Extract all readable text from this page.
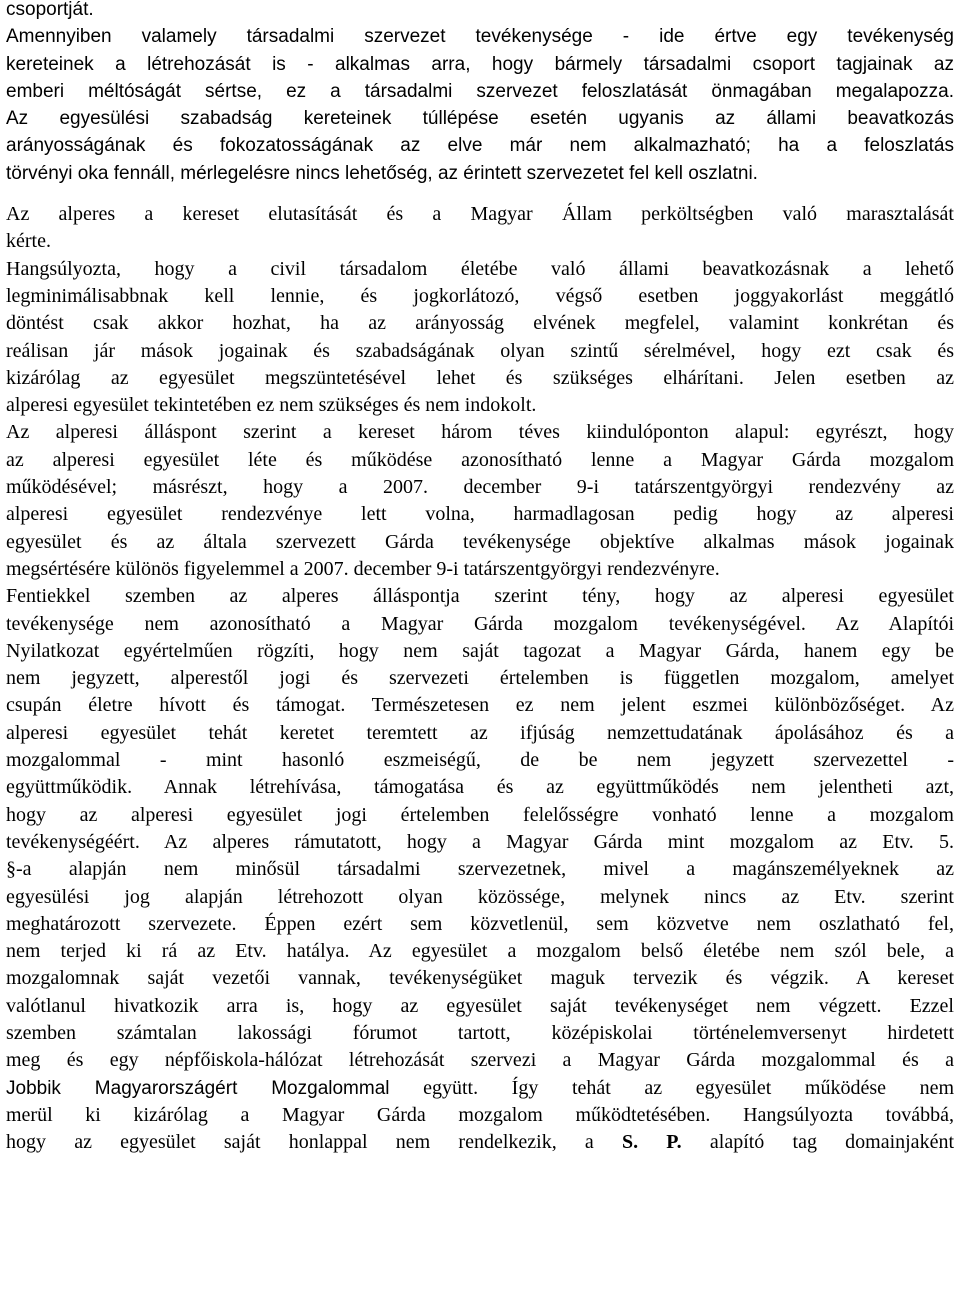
csoportját.
Amennyiben valamely társadalmi szervezet tevékenysége - ide értve egy tevékenység
kereteinek a létrehozását is - alkalmas arra, hogy bármely társadalmi csoport tagjainak az
emberi méltóságát sértse, ez a társadalmi szervezet feloszlatását önmagában megalapozza.
Az egyesülési szabadság kereteinek túllépése esetén ugyanis az állami beavatkozás
arányosságának és fokozatosságának az elve már nem alkalmazható; ha a feloszlatás
törvényi oka fennáll, mérlegelésre nincs lehetőség, az érintett szervezetet fel kell oszlatni.
Az alperes a kereset elutasítását és a Magyar Állam perköltségben való marasztalását
kérte.
Hangsúlyozta, hogy a civil társadalom életébe való állami beavatkozásnak a lehető
legminimálisabbnak kell lennie, és jogkorlátozó, végső esetben joggyakorlást meggátló
döntést csak akkor hozhat, ha az arányosság elvének megfelel, valamint konkrétan és
reálisan jár mások jogainak és szabadságának olyan szintű sérelmével, hogy ezt csak és
kizárólag az egyesület megszüntetésével lehet és szükséges elhárítani. Jelen esetben az
alperesi egyesület tekintetében ez nem szükséges és nem indokolt.
Az alperesi álláspont szerint a kereset három téves kiindulóponton alapul: egyrészt, hogy
az alperesi egyesület léte és működése azonosítható lenne a Magyar Gárda mozgalom
működésével; másrészt, hogy a 2007. december 9-i tatárszentgyörgyi rendezvény az
alperesi egyesület rendezvénye lett volna, harmadlagosan pedig hogy az alperesi
egyesület és az általa szervezett Gárda tevékenysége objektíve alkalmas mások jogainak
megsértésére különös figyelemmel a 2007. december 9-i tatárszentgyörgyi rendezvényre.
Fentiekkel szemben az alperes álláspontja szerint tény, hogy az alperesi egyesület
tevékenysége nem azonosítható a Magyar Gárda mozgalom tevékenységével. Az Alapítói
Nyilatkozat egyértelműen rögzíti, hogy nem saját tagozat a Magyar Gárda, hanem egy be
nem jegyzett, alperestől jogi és szervezeti értelemben is független mozgalom, amelyet
csupán életre hívott és támogat. Természetesen ez nem jelent eszmei különbözőséget. Az
alperesi egyesület tehát keretet teremtett az ifjúság nemzettudatának ápolásához és a
mozgalommal - mint hasonló eszmeiségű, de be nem jegyzett szervezettel -
együttműködik. Annak létrehívása, támogatása és az együttműködés nem jelentheti azt,
hogy az alperesi egyesület jogi értelemben felelősségre vonható lenne a mozgalom
tevékenységéért. Az alperes rámutatott, hogy a Magyar Gárda mint mozgalom az Etv. 5.
§-a alapján nem minősül társadalmi szervezetnek, mivel a magánszemélyeknek az
egyesülési jog alapján létrehozott olyan közössége, melynek nincs az Etv. szerint
meghatározott szervezete. Éppen ezért sem közvetlenül, sem közvetve nem oszlatható fel,
nem terjed ki rá az Etv. hatálya. Az egyesület a mozgalom belső életébe nem szól bele, a
mozgalomnak saját vezetői vannak, tevékenységüket maguk tervezik és végzik. A kereset
valótlanul hivatkozik arra is, hogy az egyesület saját tevékenységet nem végzett. Ezzel
szemben számtalan lakossági fórumot tartott, középiskolai történelemversenyt hirdetett
meg és egy népfőiskola-hálózat létrehozását szervezi a Magyar Gárda mozgalommal és a
Jobbik Magyarországért Mozgalommal együtt. Így tehát az egyesület működése nem
merül ki kizárólag a Magyar Gárda mozgalom működtetésében. Hangsúlyozta továbbá,
hogy az egyesület saját honlappal nem rendelkezik, a S. P. alapító tag domainjaként
